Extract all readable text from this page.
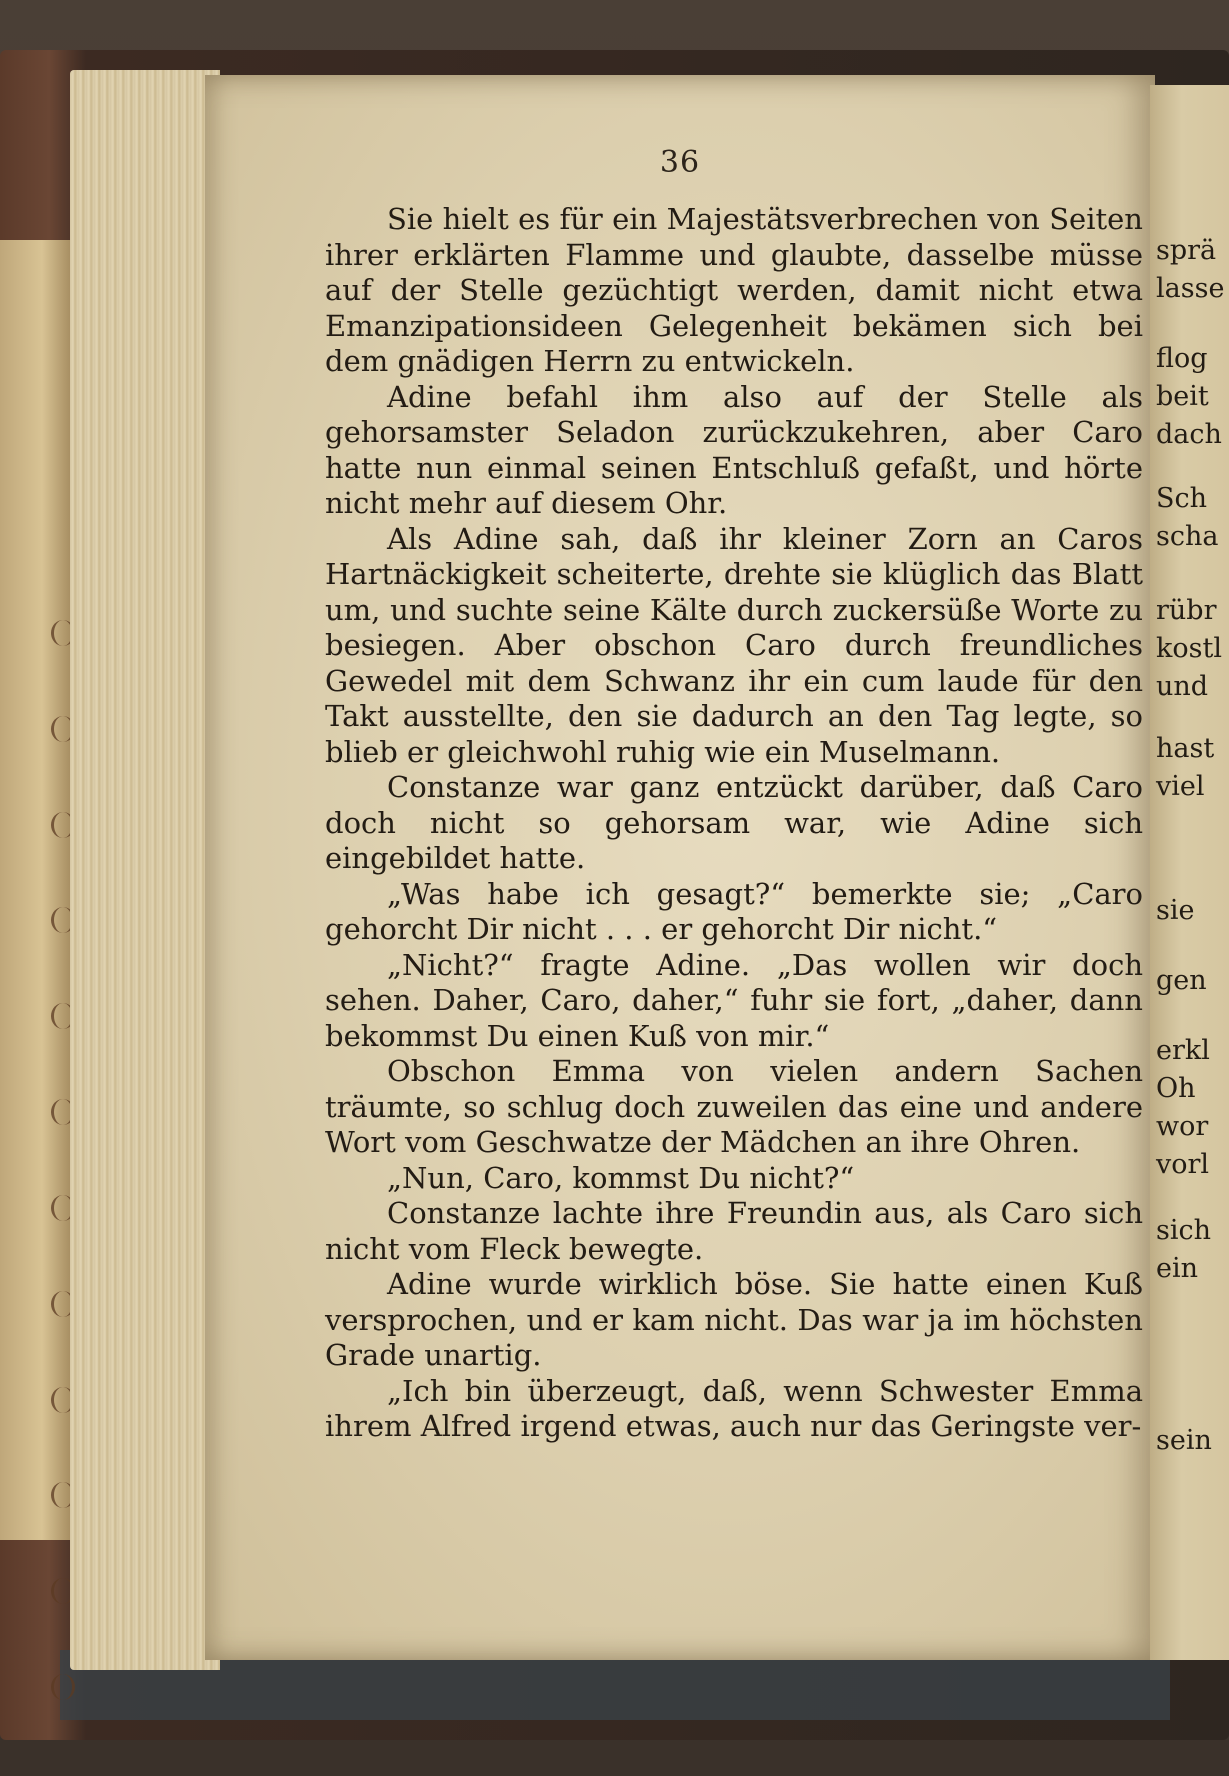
36

Sie hielt es für ein Majestätsverbrechen von Seiten ihrer erklärten Flamme und glaubte, dasselbe müsse auf der Stelle gezüchtigt werden, damit nicht etwa Emanzipationsideen Gelegenheit bekämen sich bei dem gnädigen Herrn zu entwickeln.

Adine befahl ihm also auf der Stelle als gehorsamster Seladon zurückzukehren, aber Caro hatte nun einmal seinen Entschluß gefaßt, und hörte nicht mehr auf diesem Ohr.

Als Adine sah, daß ihr kleiner Zorn an Caros Hartnäckigkeit scheiterte, drehte sie klüglich das Blatt um, und suchte seine Kälte durch zuckersüße Worte zu besiegen. Aber obschon Caro durch freundliches Gewedel mit dem Schwanz ihr ein cum laude für den Takt ausstellte, den sie dadurch an den Tag legte, so blieb er gleichwohl ruhig wie ein Muselmann.

Constanze war ganz entzückt darüber, daß Caro doch nicht so gehorsam war, wie Adine sich eingebildet hatte.

„Was habe ich gesagt?“ bemerkte sie; „Caro gehorcht Dir nicht . . . er gehorcht Dir nicht.“

„Nicht?“ fragte Adine. „Das wollen wir doch sehen. Daher, Caro, daher,“ fuhr sie fort, „daher, dann bekommst Du einen Kuß von mir.“

Obschon Emma von vielen andern Sachen träumte, so schlug doch zuweilen das eine und andere Wort vom Geschwatze der Mädchen an ihre Ohren.

„Nun, Caro, kommst Du nicht?“

Constanze lachte ihre Freundin aus, als Caro sich nicht vom Fleck bewegte.

Adine wurde wirklich böse. Sie hatte einen Kuß versprochen, und er kam nicht. Das war ja im höchsten Grade unartig.

„Ich bin überzeugt, daß, wenn Schwester Emma ihrem Alfred irgend etwas, auch nur das Geringste ver-

sprä
lasse
flog
beit
dach
Sch
scha
rübr
kostl
und
hast
viel
sie
gen
erkl
Oh
wor
vorl
sich
ein
sein
